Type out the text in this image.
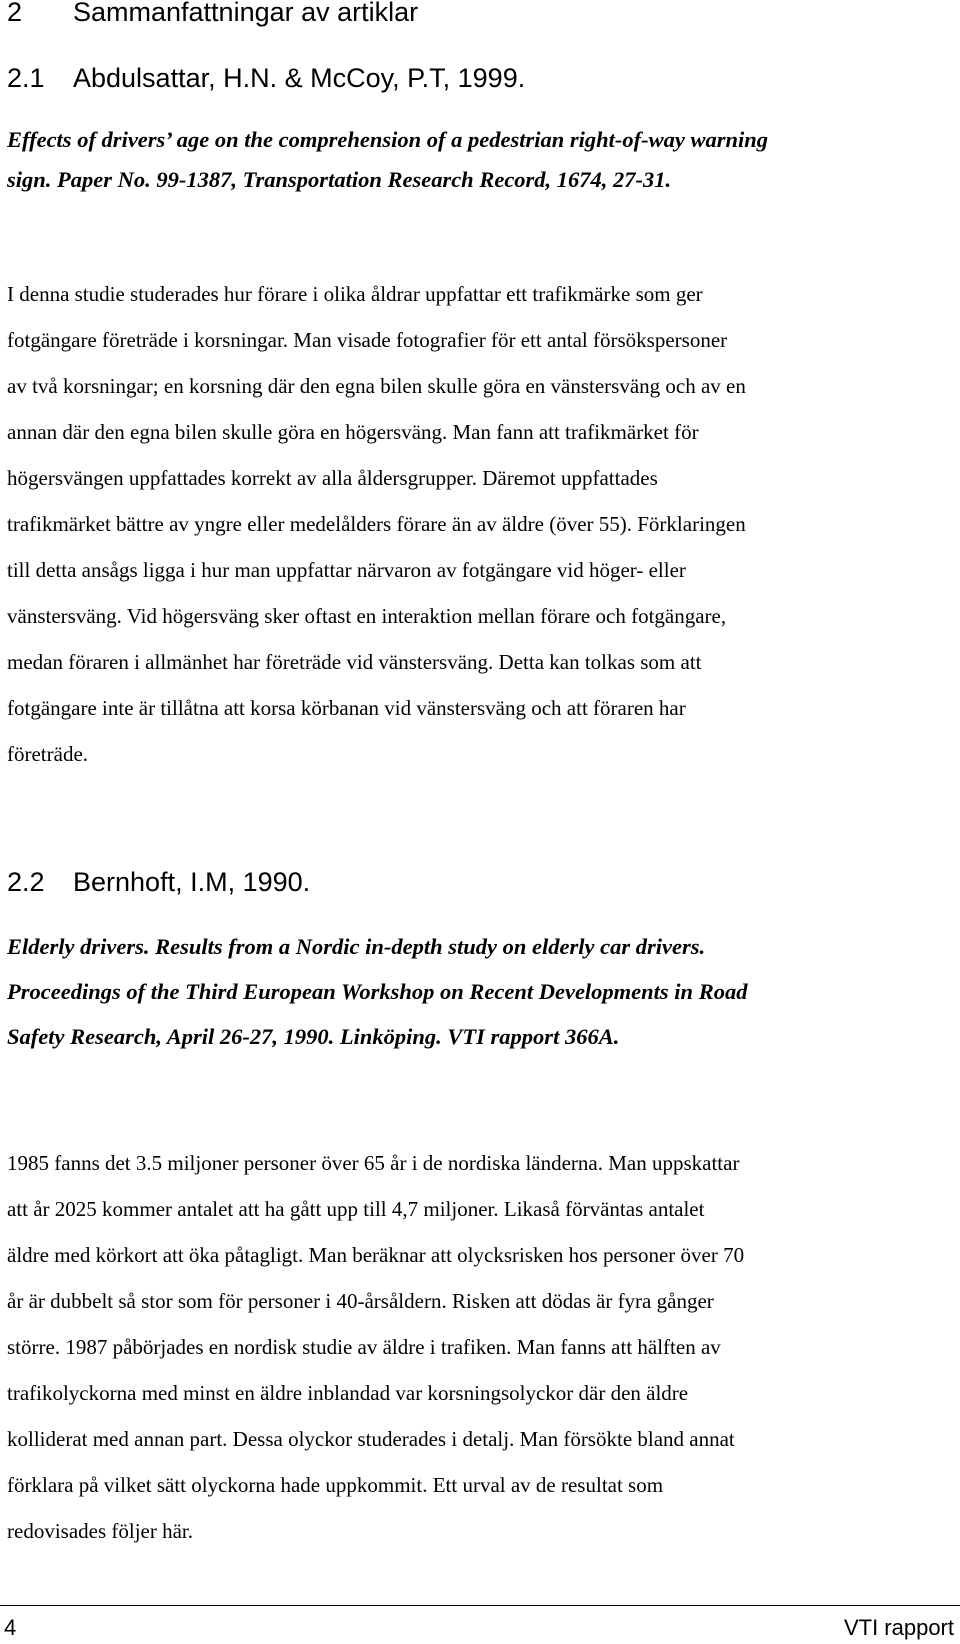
2 Sammanfattningar av artiklar
2.1 Abdulsattar, H.N. & McCoy, P.T, 1999.
Effects of drivers’ age on the comprehension of a pedestrian right-of-way warning
sign. Paper No. 99-1387, Transportation Research Record, 1674, 27-31.
I denna studie studerades hur förare i olika åldrar uppfattar ett trafikmärke som ger
fotgängare företräde i korsningar. Man visade fotografier för ett antal försökspersoner
av två korsningar; en korsning där den egna bilen skulle göra en vänstersväng och av en
annan där den egna bilen skulle göra en högersväng. Man fann att trafikmärket för
högersvängen uppfattades korrekt av alla åldersgrupper. Däremot uppfattades
trafikmärket bättre av yngre eller medelålders förare än av äldre (över 55). Förklaringen
till detta ansågs ligga i hur man uppfattar närvaron av fotgängare vid höger- eller
vänstersväng. Vid högersväng sker oftast en interaktion mellan förare och fotgängare,
medan föraren i allmänhet har företräde vid vänstersväng. Detta kan tolkas som att
fotgängare inte är tillåtna att korsa körbanan vid vänstersväng och att föraren har
företräde.
2.2 Bernhoft, I.M, 1990.
Elderly drivers. Results from a Nordic in-depth study on elderly car drivers.
Proceedings of the Third European Workshop on Recent Developments in Road
Safety Research, April 26-27, 1990. Linköping. VTI rapport 366A.
1985 fanns det 3.5 miljoner personer över 65 år i de nordiska länderna. Man uppskattar
att år 2025 kommer antalet att ha gått upp till 4,7 miljoner. Likaså förväntas antalet
äldre med körkort att öka påtagligt. Man beräknar att olycksrisken hos personer över 70
år är dubbelt så stor som för personer i 40-årsåldern. Risken att dödas är fyra gånger
större. 1987 påbörjades en nordisk studie av äldre i trafiken. Man fanns att hälften av
trafikolyckorna med minst en äldre inblandad var korsningsolyckor där den äldre
kolliderat med annan part. Dessa olyckor studerades i detalj. Man försökte bland annat
förklara på vilket sätt olyckorna hade uppkommit. Ett urval av de resultat som
redovisades följer här.
4	VTI rapport
